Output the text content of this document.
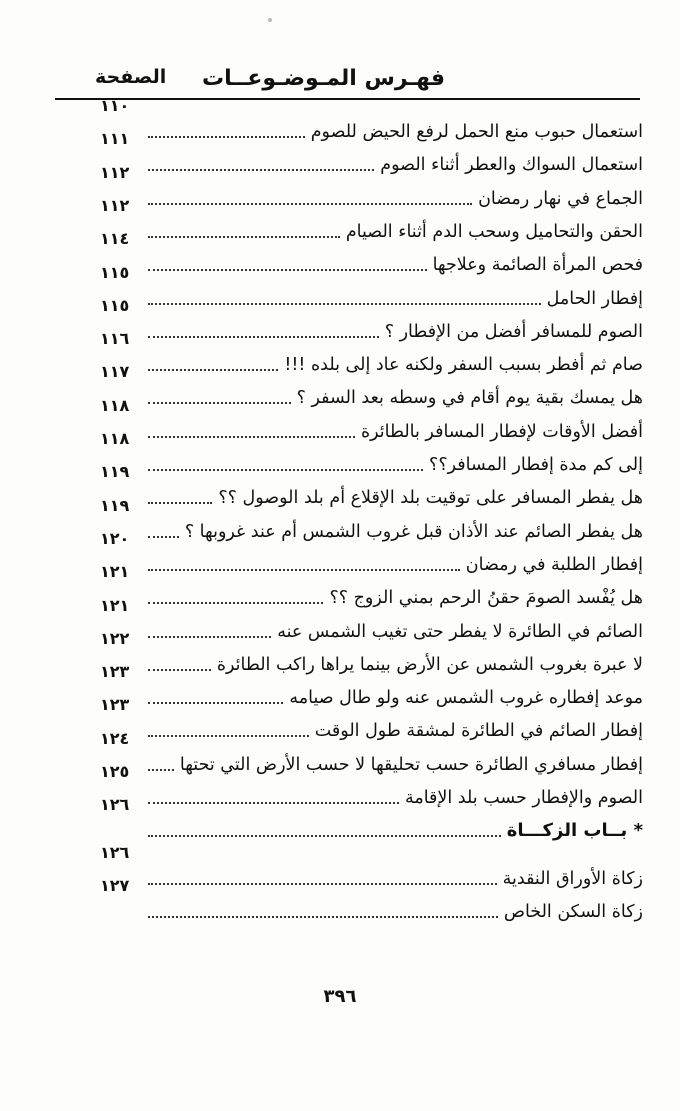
فهـرس المـوضـوعــات
الصفحة
استعمال حبوب منع الحمل لرفع الحيض للصوم
١١٠
استعمال السواك والعطر أثناء الصوم
١١١
الجماع في نهار رمضان
١١٢
الحقن والتحاميل وسحب الدم أثناء الصيام
١١٢
فحص المرأة الصائمة وعلاجها
١١٤
إفطار الحامل
١١٥
الصوم للمسافر أفضل من الإفطار ؟
١١٥
صام ثم أفطر بسبب السفر ولكنه عاد إلى بلده !!!
١١٦
هل يمسك بقية يوم أقام في وسطه بعد السفر ؟
١١٧
أفضل الأوقات لإفطار المسافر بالطائرة
١١٨
إلى كم مدة إفطار المسافر؟؟
١١٨
هل يفطر المسافر على توقيت بلد الإقلاع أم بلد الوصول ؟؟
١١٩
هل يفطر الصائم عند الأذان قبل غروب الشمس أم عند غروبها ؟
١١٩
إفطار الطلبة في رمضان
١٢٠
هل يُفْسد الصومَ حقنُ الرحم بمني الزوج ؟؟
١٢١
الصائم في الطائرة لا يفطر حتى تغيب الشمس عنه
١٢١
لا عبرة بغروب الشمس عن الأرض بينما يراها راكب الطائرة
١٢٢
موعد إفطاره غروب الشمس عنه ولو طال صيامه
١٢٣
إفطار الصائم في الطائرة لمشقة طول الوقت
١٢٣
إفطار مسافري الطائرة حسب تحليقها لا حسب الأرض التي تحتها
١٢٤
الصوم والإفطار حسب بلد الإقامة
١٢٥
* بــاب الزكـــاة
١٢٦
زكاة الأوراق النقدية
١٢٦
زكاة السكن الخاص
١٢٧
٣٩٦
